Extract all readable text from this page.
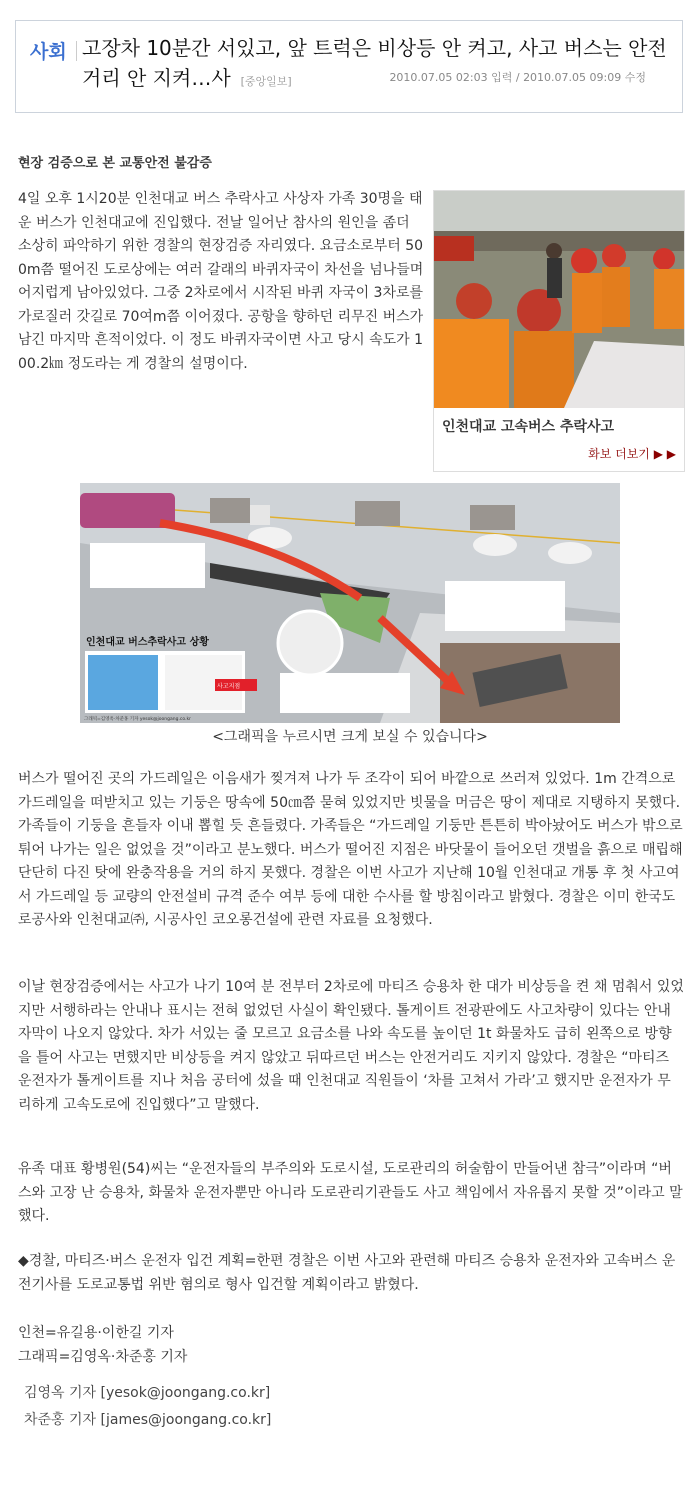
사회 고장차 10분간 서있고, 앞 트럭은 비상등 안 켜고, 사고 버스는 안전거리 안 지켜…사 [중앙일보]	2010.07.05 02:03 입력 / 2010.07.05 09:09 수정
현장 검증으로 본 교통안전 불감증
4일 오후 1시20분 인천대교 버스 추락사고 사상자 가족 30명을 태운 버스가 인천대교에 진입했다. 전날 일어난 참사의 원인을 좀더 소상히 파악하기 위한 경찰의 현장검증 자리였다. 요금소로부터 500m쯤 떨어진 도로상에는 여러 갈래의 바퀴자국이 차선을 넘나들며 어지럽게 남아있었다. 그중 2차로에서 시작된 바퀴 자국이 3차로를 가로질러 갓길로 70여m쯤 이어졌다. 공항을 향하던 리무진 버스가 남긴 마지막 흔적이었다. 이 정도 바퀴자국이면 사고 당시 속도가 100.2㎞ 정도라는 게 경찰의 설명이다.
인천대교 고속버스 추락사고
화보 더보기 ▶ ▶
인천대교 버스추락사고 상황
사고지점
그래픽=김영옥·차준홍 기자 yesok@joongang.co.kr
<그래픽을 누르시면 크게 보실 수 있습니다>
버스가 떨어진 곳의 가드레일은 이음새가 찢겨져 나가 두 조각이 되어 바깥으로 쓰러져 있었다. 1m 간격으로 가드레일을 떠받치고 있는 기둥은 땅속에 50㎝쯤 묻혀 있었지만 빗물을 머금은 땅이 제대로 지탱하지 못했다. 가족들이 기둥을 흔들자 이내 뽑힐 듯 흔들렸다. 가족들은 “가드레일 기둥만 튼튼히 박아놨어도 버스가 밖으로 튀어 나가는 일은 없었을 것”이라고 분노했다. 버스가 떨어진 지점은 바닷물이 들어오던 갯벌을 흙으로 매립해 단단히 다진 탓에 완충작용을 거의 하지 못했다. 경찰은 이번 사고가 지난해 10월 인천대교 개통 후 첫 사고여서 가드레일 등 교량의 안전설비 규격 준수 여부 등에 대한 수사를 할 방침이라고 밝혔다. 경찰은 이미 한국도로공사와 인천대교㈜, 시공사인 코오롱건설에 관련 자료를 요청했다.
이날 현장검증에서는 사고가 나기 10여 분 전부터 2차로에 마티즈 승용차 한 대가 비상등을 켠 채 멈춰서 있었지만 서행하라는 안내나 표시는 전혀 없었던 사실이 확인됐다. 톨게이트 전광판에도 사고차량이 있다는 안내자막이 나오지 않았다. 차가 서있는 줄 모르고 요금소를 나와 속도를 높이던 1t 화물차도 급히 왼쪽으로 방향을 틀어 사고는 면했지만 비상등을 켜지 않았고 뒤따르던 버스는 안전거리도 지키지 않았다. 경찰은 “마티즈 운전자가 톨게이트를 지나 처음 공터에 섰을 때 인천대교 직원들이 ‘차를 고쳐서 가라’고 했지만 운전자가 무리하게 고속도로에 진입했다”고 말했다.
유족 대표 황병원(54)씨는 “운전자들의 부주의와 도로시설, 도로관리의 허술함이 만들어낸 참극”이라며 “버스와 고장 난 승용차, 화물차 운전자뿐만 아니라 도로관리기관들도 사고 책임에서 자유롭지 못할 것”이라고 말했다.
◆경찰, 마티즈·버스 운전자 입건 계획=한편 경찰은 이번 사고와 관련해 마티즈 승용차 운전자와 고속버스 운전기사를 도로교통법 위반 혐의로 형사 입건할 계획이라고 밝혔다.
인천=유길용·이한길 기자
그래픽=김영옥·차준홍 기자
김영옥 기자 [yesok@joongang.co.kr]
차준홍 기자 [james@joongang.co.kr]
